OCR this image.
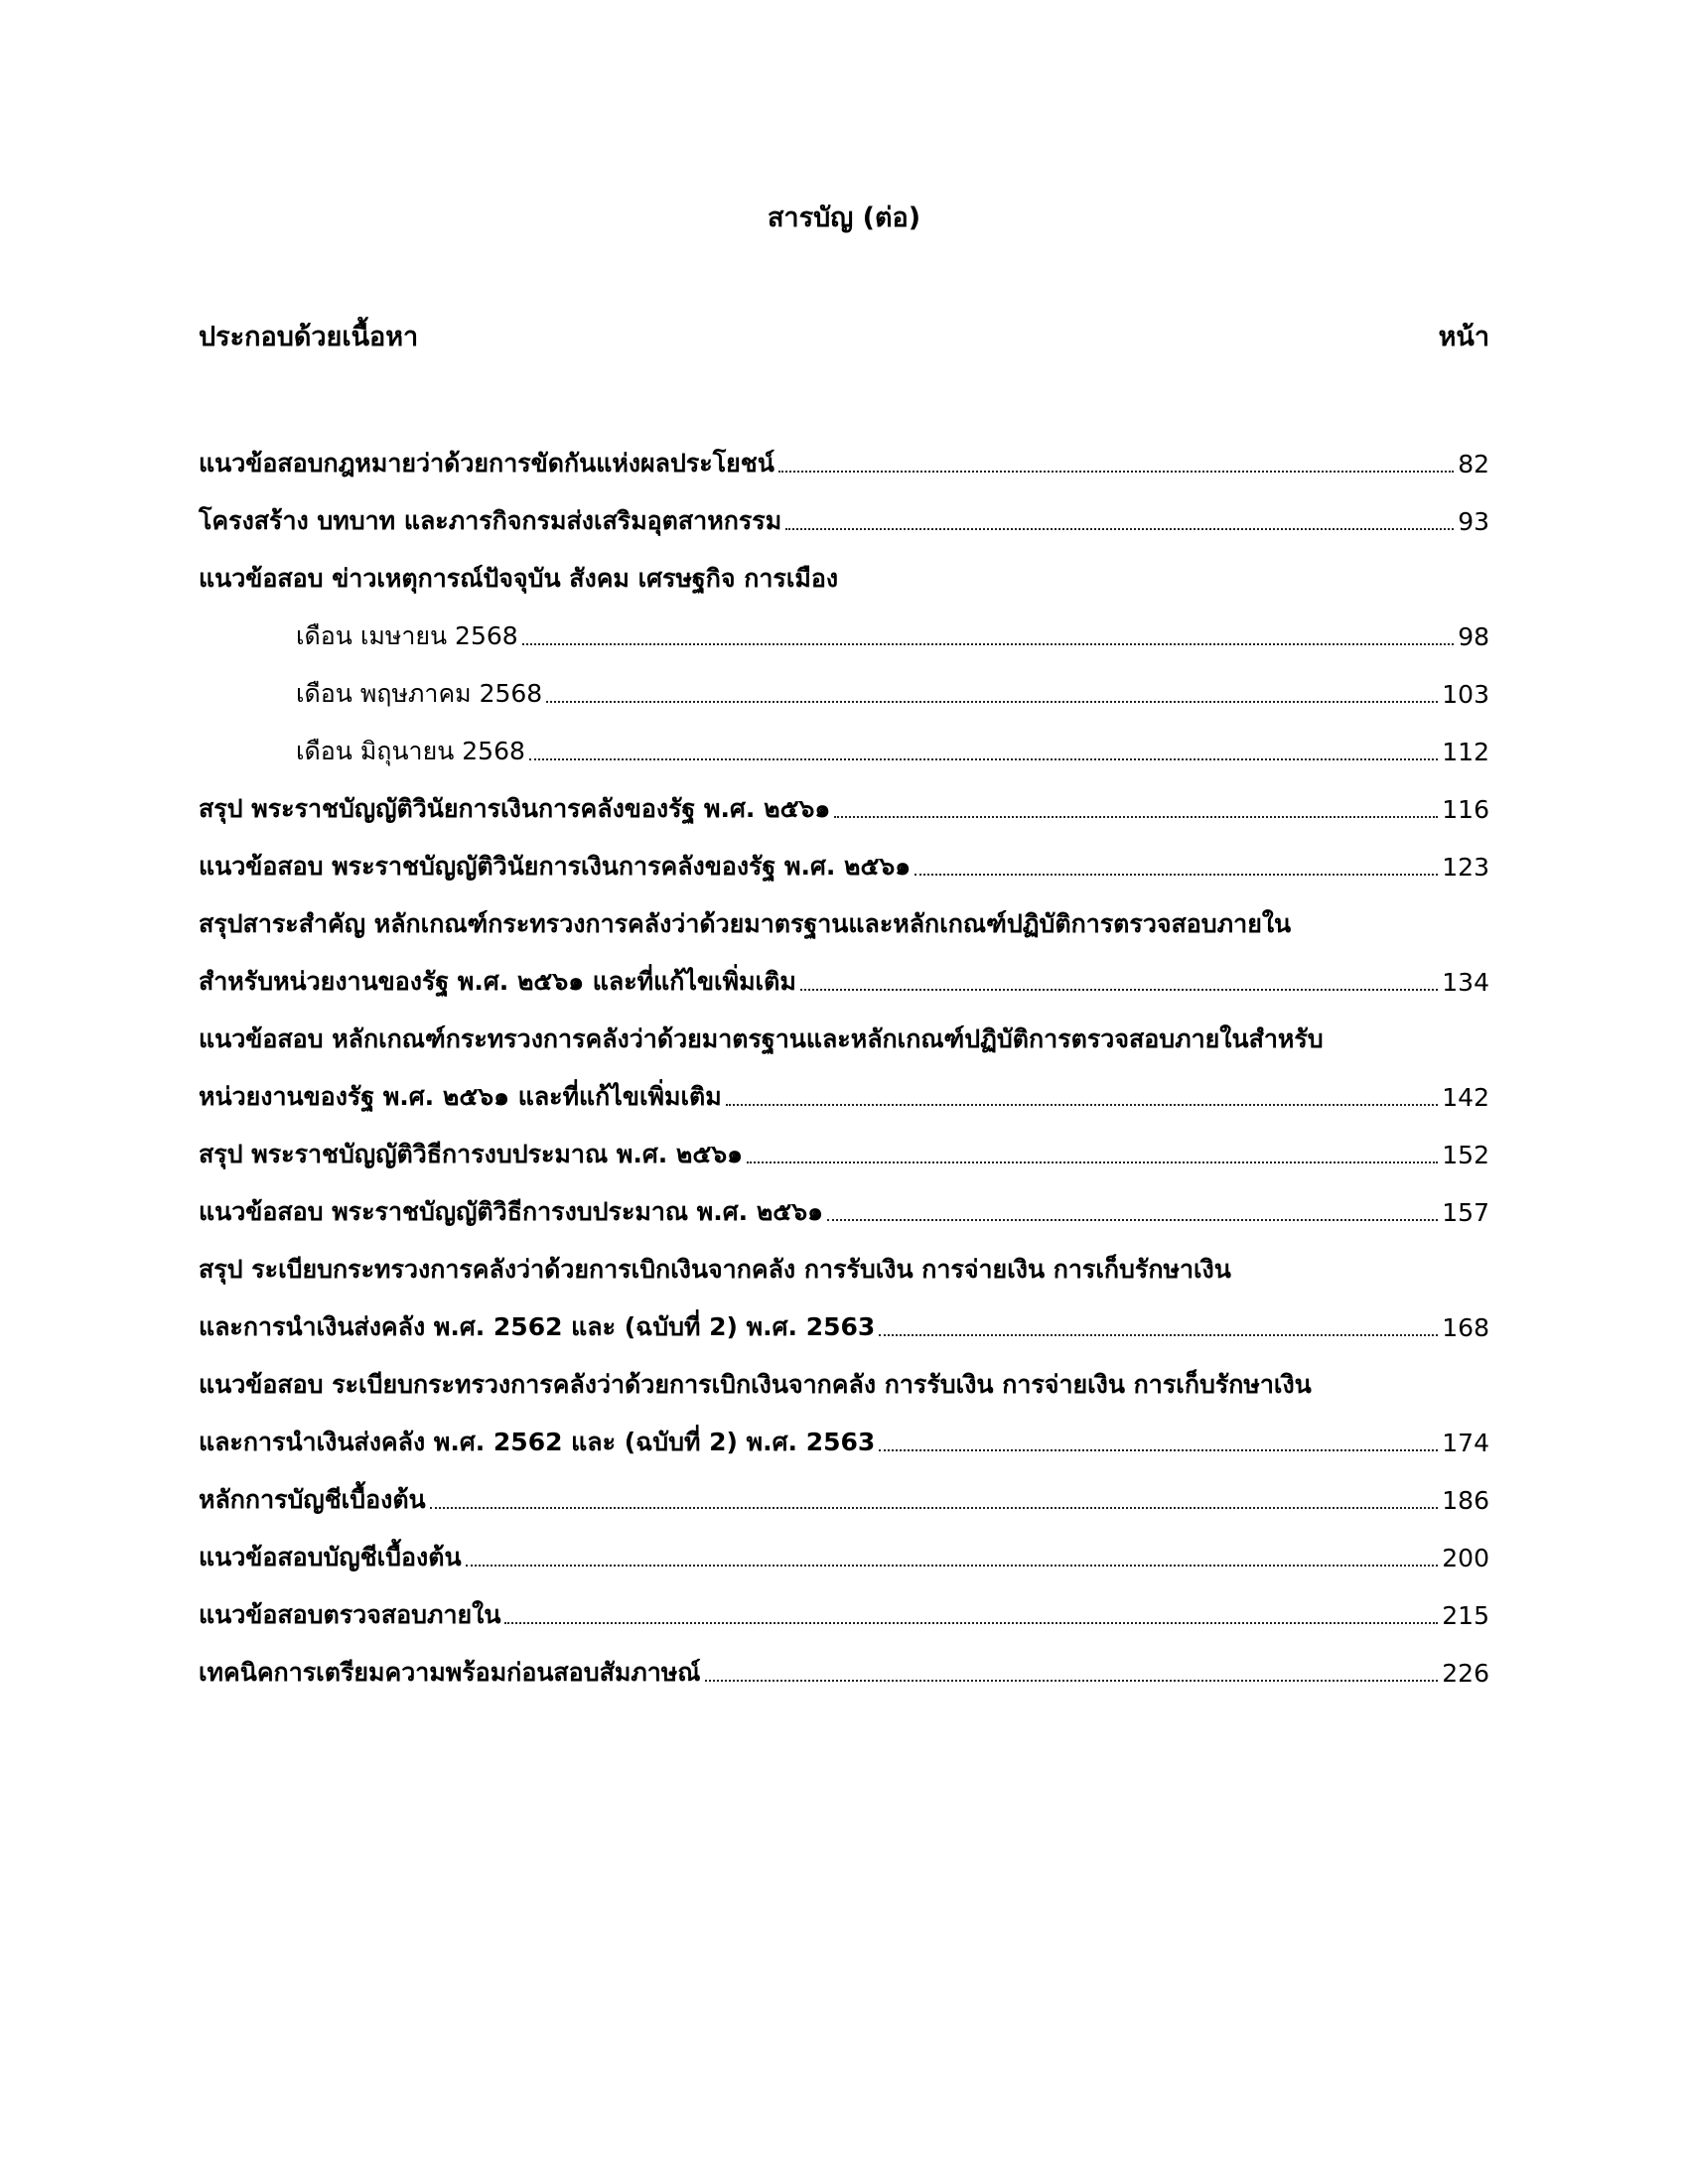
สารบัญ (ต่อ)
ประกอบด้วยเนื้อหา	หน้า
แนวข้อสอบกฎหมายว่าด้วยการขัดกันแห่งผลประโยชน์	82
โครงสร้าง บทบาท และภารกิจกรมส่งเสริมอุตสาหกรรม	93
แนวข้อสอบ ข่าวเหตุการณ์ปัจจุบัน สังคม เศรษฐกิจ การเมือง
เดือน เมษายน 2568	98
เดือน พฤษภาคม 2568	103
เดือน มิถุนายน 2568	112
สรุป พระราชบัญญัติวินัยการเงินการคลังของรัฐ พ.ศ. ๒๕๖๑	116
แนวข้อสอบ พระราชบัญญัติวินัยการเงินการคลังของรัฐ พ.ศ. ๒๕๖๑	123
สรุปสาระสำคัญ หลักเกณฑ์กระทรวงการคลังว่าด้วยมาตรฐานและหลักเกณฑ์ปฏิบัติการตรวจสอบภายใน
สำหรับหน่วยงานของรัฐ พ.ศ. ๒๕๖๑ และที่แก้ไขเพิ่มเติม	134
แนวข้อสอบ หลักเกณฑ์กระทรวงการคลังว่าด้วยมาตรฐานและหลักเกณฑ์ปฏิบัติการตรวจสอบภายในสำหรับ
หน่วยงานของรัฐ พ.ศ. ๒๕๖๑ และที่แก้ไขเพิ่มเติม	142
สรุป พระราชบัญญัติวิธีการงบประมาณ พ.ศ. ๒๕๖๑	152
แนวข้อสอบ พระราชบัญญัติวิธีการงบประมาณ พ.ศ. ๒๕๖๑	157
สรุป ระเบียบกระทรวงการคลังว่าด้วยการเบิกเงินจากคลัง การรับเงิน การจ่ายเงิน การเก็บรักษาเงิน
และการนำเงินส่งคลัง พ.ศ. 2562 และ (ฉบับที่ 2) พ.ศ. 2563	168
แนวข้อสอบ ระเบียบกระทรวงการคลังว่าด้วยการเบิกเงินจากคลัง การรับเงิน การจ่ายเงิน การเก็บรักษาเงิน
และการนำเงินส่งคลัง พ.ศ. 2562 และ (ฉบับที่ 2) พ.ศ. 2563	174
หลักการบัญชีเบื้องต้น	186
แนวข้อสอบบัญชีเบื้องต้น	200
แนวข้อสอบตรวจสอบภายใน	215
เทคนิคการเตรียมความพร้อมก่อนสอบสัมภาษณ์	226
